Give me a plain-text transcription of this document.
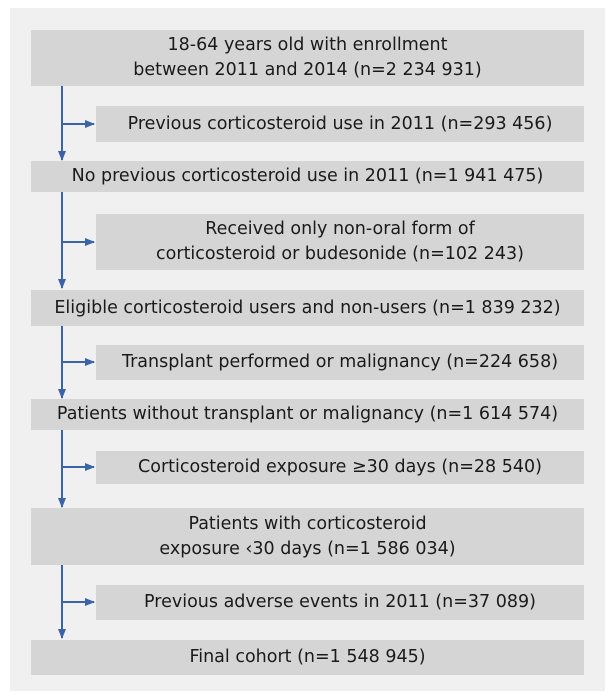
18-64 years old with enrollment
between 2011 and 2014 (n=2 234 931)
No previous corticosteroid use in 2011 (n=1 941 475)
Eligible corticosteroid users and non-users (n=1 839 232)
Patients without transplant or malignancy (n=1 614 574)
Patients with corticosteroid
exposure ‹30 days (n=1 586 034)
Final cohort (n=1 548 945)
Previous corticosteroid use in 2011 (n=293 456)
Received only non-oral form of
corticosteroid or budesonide (n=102 243)
Transplant performed or malignancy (n=224 658)
Corticosteroid exposure ≥30 days (n=28 540)
Previous adverse events in 2011 (n=37 089)
